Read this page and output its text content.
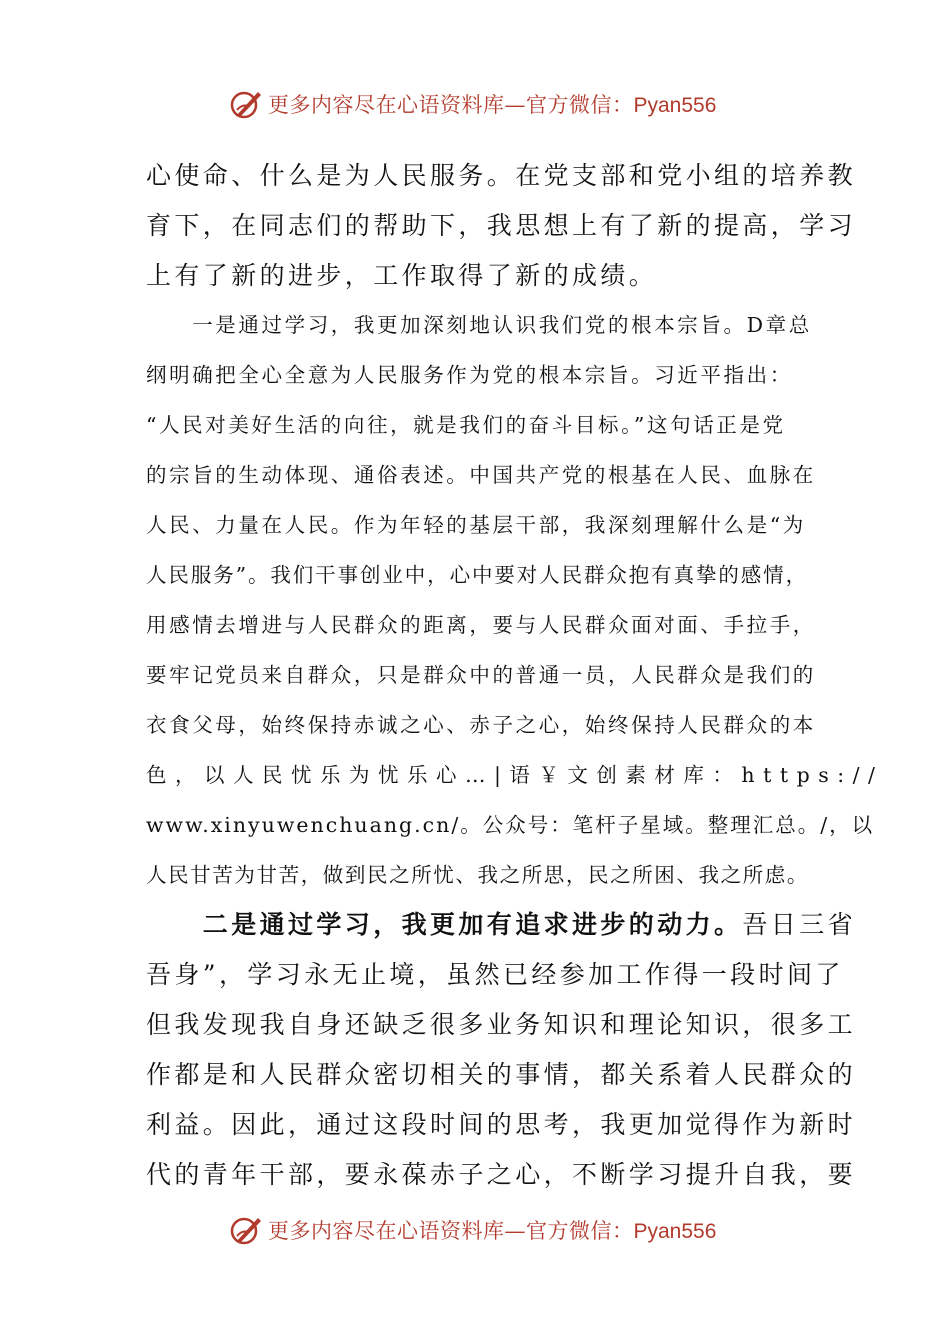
更多内容尽在心语资料库—官方微信：Pyan556
心使命、什么是为人民服务。在党支部和党小组的培养教
育下，在同志们的帮助下，我思想上有了新的提高，学习
上有了新的进步，工作取得了新的成绩。
　　一是通过学习，我更加深刻地认识我们党的根本宗旨。D章总
纲明确把全心全意为人民服务作为党的根本宗旨。习近平指出：
“人民对美好生活的向往，就是我们的奋斗目标。”这句话正是党
的宗旨的生动体现、通俗表述。中国共产党的根基在人民、血脉在
人民、力量在人民。作为年轻的基层干部，我深刻理解什么是“为
人民服务”。我们干事创业中，心中要对人民群众抱有真挚的感情，
用感情去增进与人民群众的距离，要与人民群众面对面、手拉手，
要牢记党员来自群众，只是群众中的普通一员，人民群众是我们的
衣食父母，始终保持赤诚之心、赤子之心，始终保持人民群众的本
色，以人民忧乐为忧乐心…|语￥文创素材库：https://
www.xinyuwenchuang.cn/。公众号：笔杆子星域。整理汇总。/，以
人民甘苦为甘苦，做到民之所忧、我之所思，民之所困、我之所虑。
　　二是通过学习，我更加有追求进步的动力。吾日三省
吾身”，学习永无止境，虽然已经参加工作得一段时间了
但我发现我自身还缺乏很多业务知识和理论知识，很多工
作都是和人民群众密切相关的事情，都关系着人民群众的
利益。因此，通过这段时间的思考，我更加觉得作为新时
代的青年干部，要永葆赤子之心，不断学习提升自我，要
更多内容尽在心语资料库—官方微信：Pyan556
